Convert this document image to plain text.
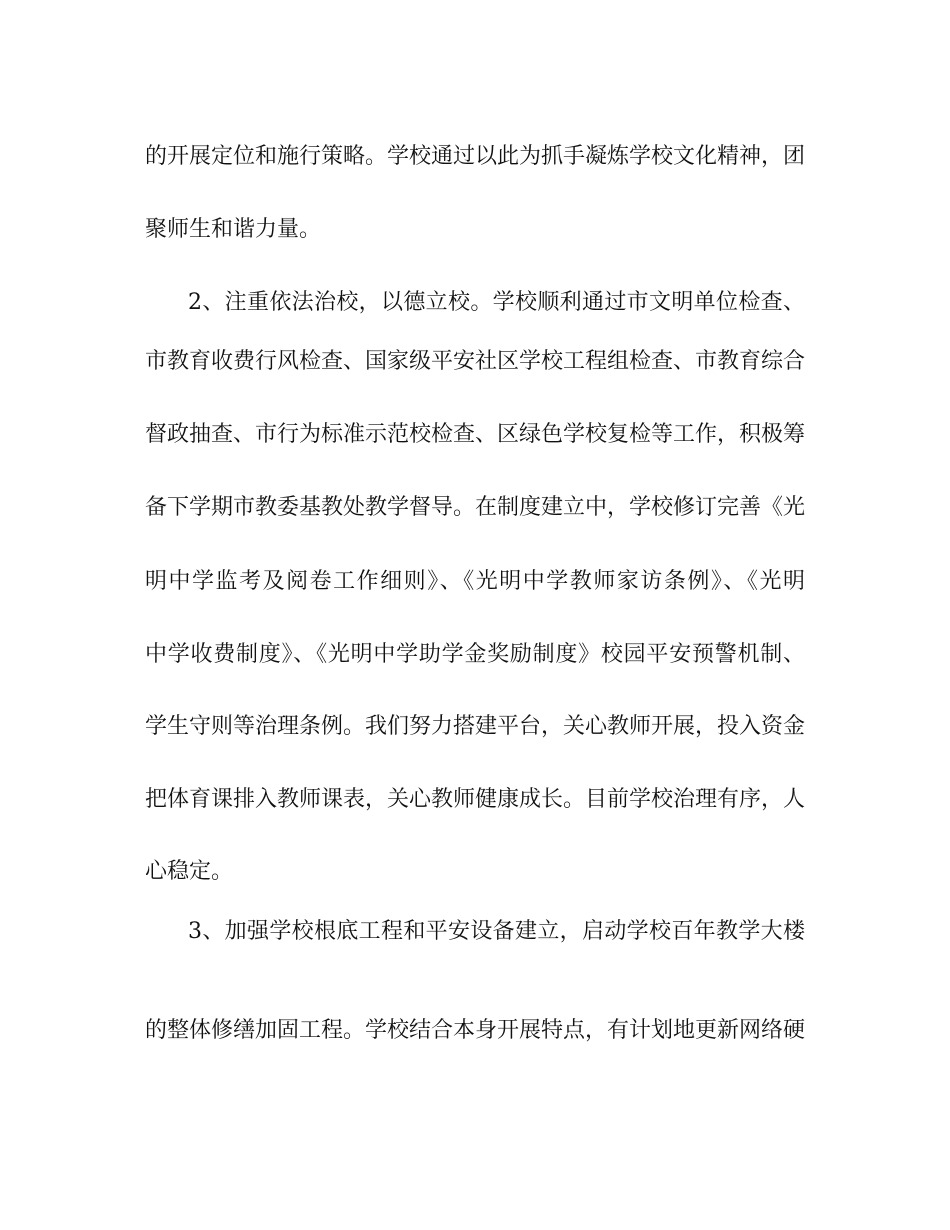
的开展定位和施行策略。学校通过以此为抓手凝炼学校文化精神，团
聚师生和谐力量。
2、注重依法治校，以德立校。学校顺利通过市文明单位检查、
市教育收费行风检查、国家级平安社区学校工程组检查、市教育综合
督政抽查、市行为标准示范校检查、区绿色学校复检等工作，积极筹
备下学期市教委基教处教学督导。在制度建立中，学校修订完善《光
明中学监考及阅卷工作细则》、《光明中学教师家访条例》、《光明
中学收费制度》、《光明中学助学金奖励制度》校园平安预警机制、
学生守则等治理条例。我们努力搭建平台，关心教师开展，投入资金
把体育课排入教师课表，关心教师健康成长。目前学校治理有序，人
心稳定。
3、加强学校根底工程和平安设备建立，启动学校百年教学大楼
的整体修缮加固工程。学校结合本身开展特点，有计划地更新网络硬
